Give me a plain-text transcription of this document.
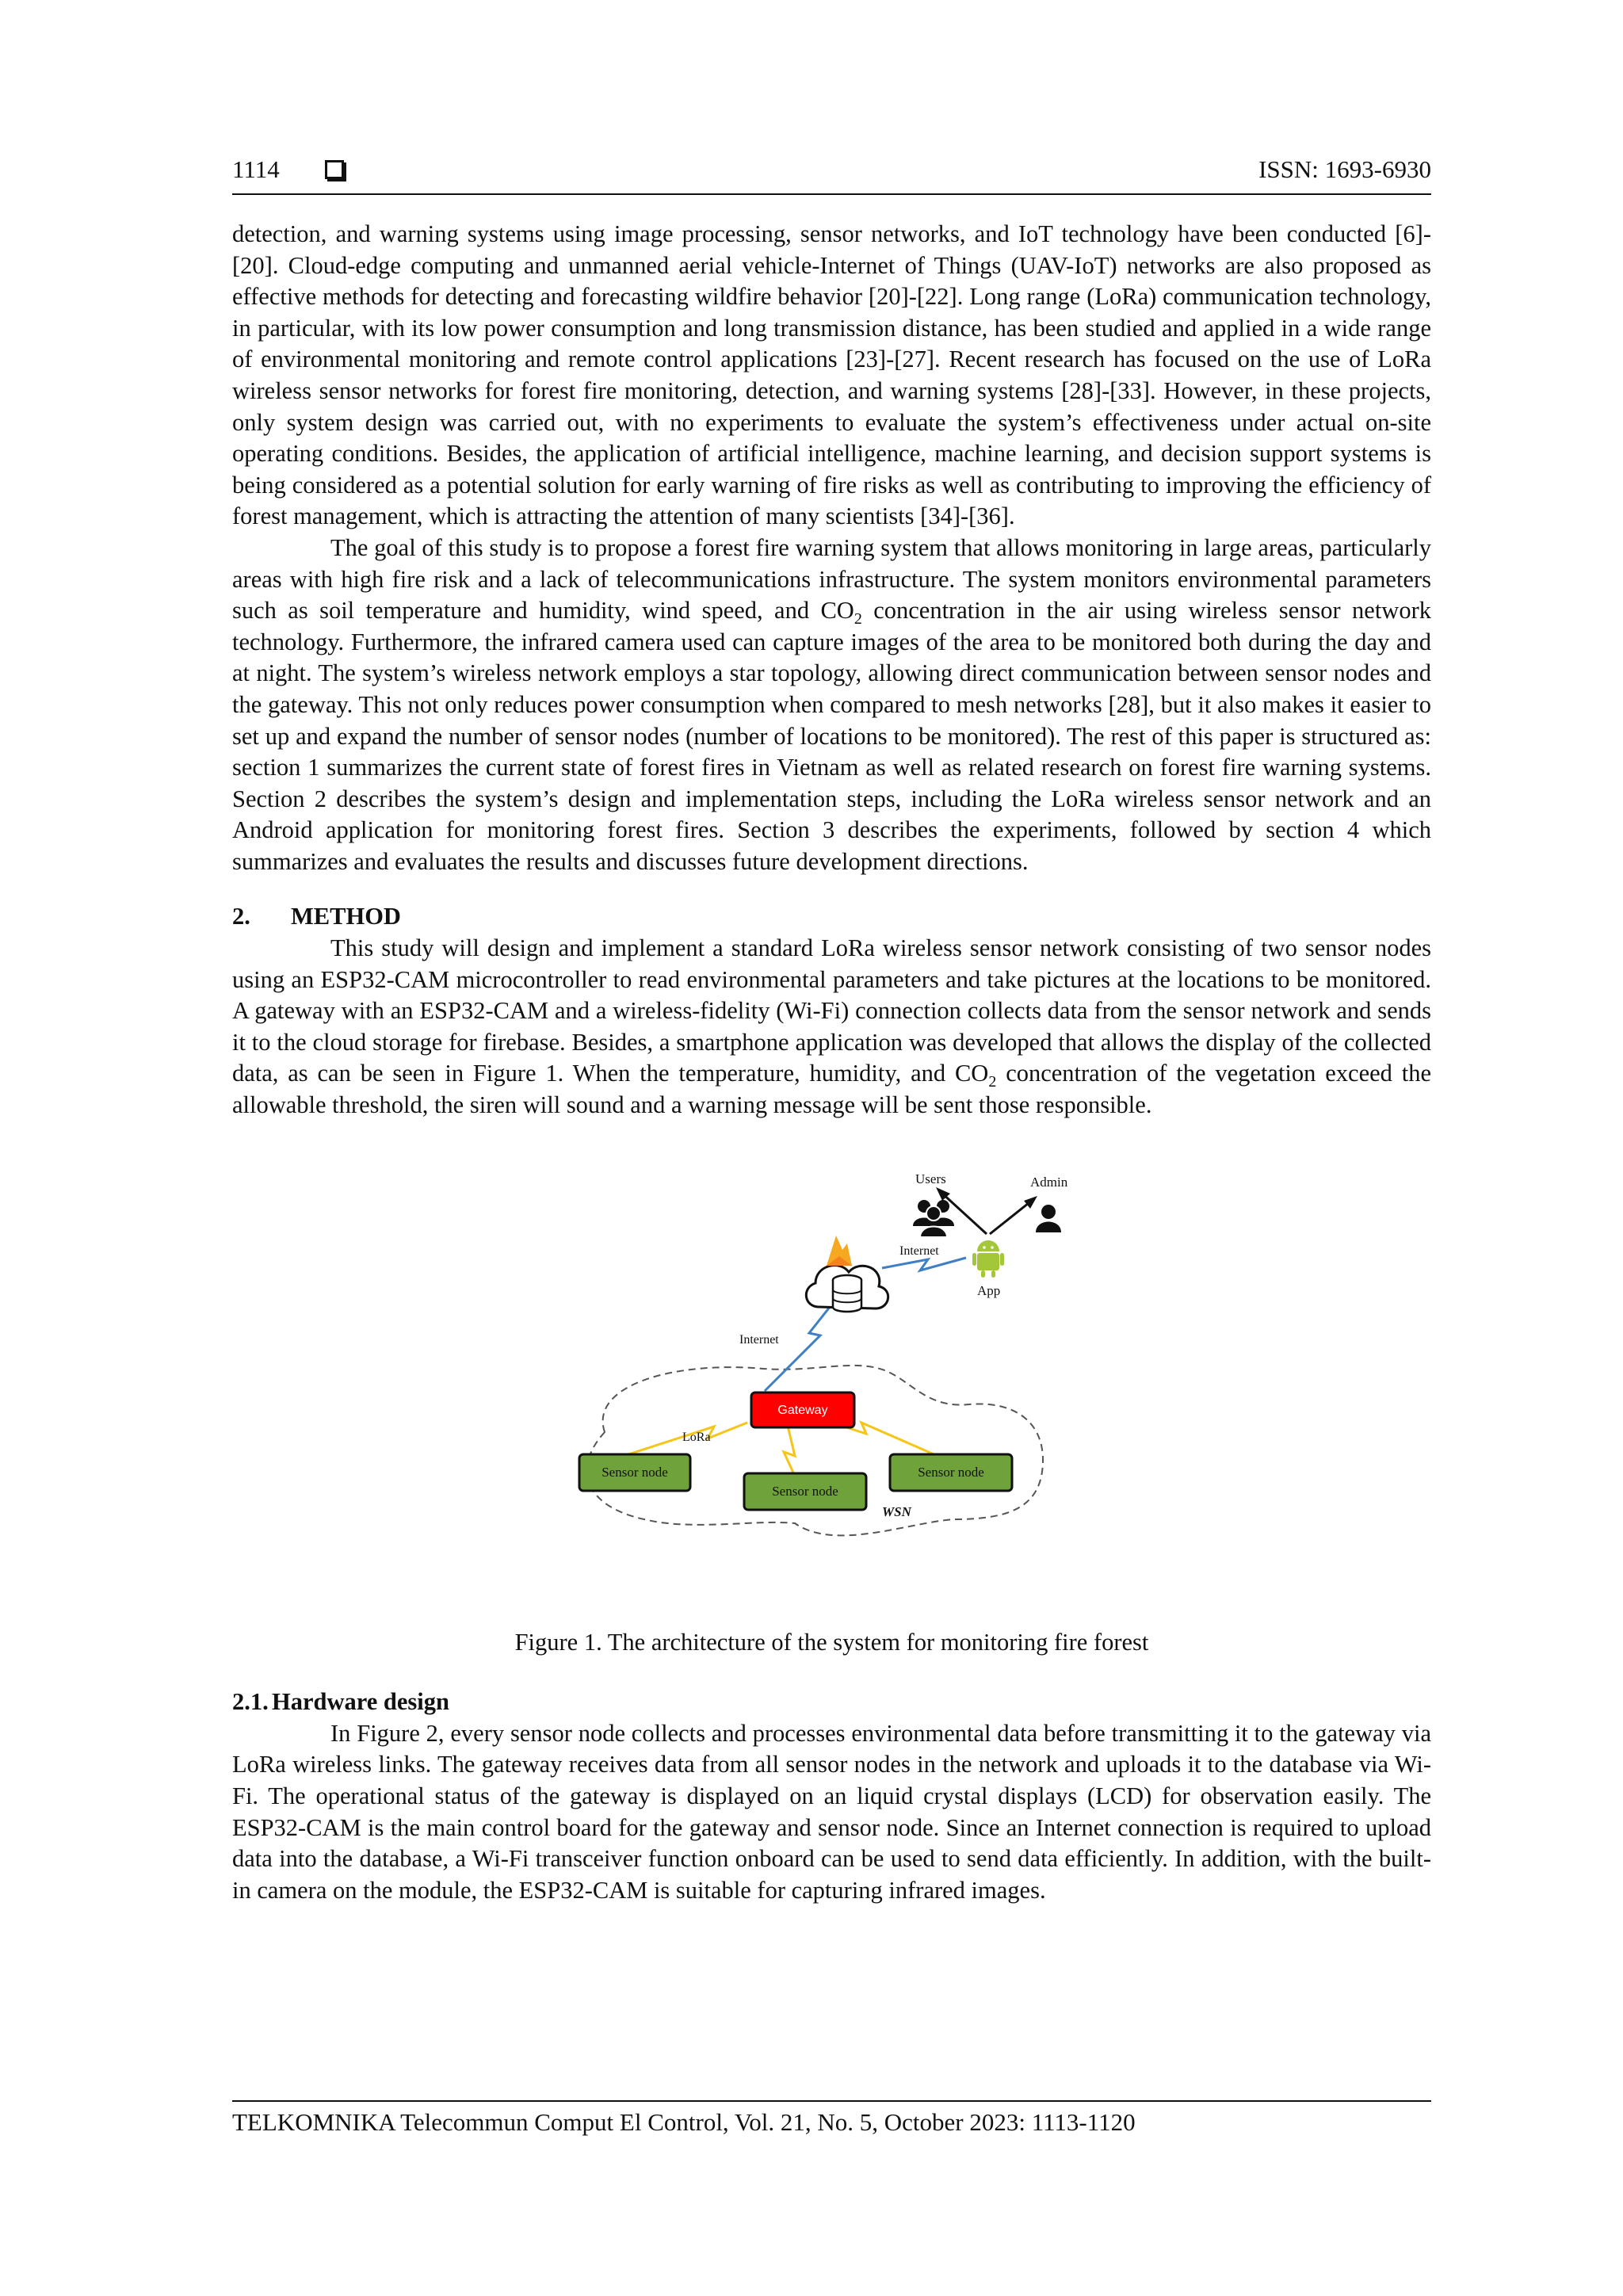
1114	ISSN: 1693-6930

detection, and warning systems using image processing, sensor networks, and IoT technology have been conducted [6]-[20]. Cloud-edge computing and unmanned aerial vehicle-Internet of Things (UAV-IoT) networks are also proposed as effective methods for detecting and forecasting wildfire behavior [20]-[22]. Long range (LoRa) communication technology, in particular, with its low power consumption and long transmission distance, has been studied and applied in a wide range of environmental monitoring and remote control applications [23]-[27]. Recent research has focused on the use of LoRa wireless sensor networks for forest fire monitoring, detection, and warning systems [28]-[33]. However, in these projects, only system design was carried out, with no experiments to evaluate the system’s effectiveness under actual on-site operating conditions. Besides, the application of artificial intelligence, machine learning, and decision support systems is being considered as a potential solution for early warning of fire risks as well as contributing to improving the efficiency of forest management, which is attracting the attention of many scientists [34]-[36].

The goal of this study is to propose a forest fire warning system that allows monitoring in large areas, particularly areas with high fire risk and a lack of telecommunications infrastructure. The system monitors environmental parameters such as soil temperature and humidity, wind speed, and $CO_2$ concentration in the air using wireless sensor network technology. Furthermore, the infrared camera used can capture images of the area to be monitored both during the day and at night. The system’s wireless network employs a star topology, allowing direct communication between sensor nodes and the gateway. This not only reduces power consumption when compared to mesh networks [28], but it also makes it easier to set up and expand the number of sensor nodes (number of locations to be monitored). The rest of this paper is structured as: section 1 summarizes the current state of forest fires in Vietnam as well as related research on forest fire warning systems. Section 2 describes the system’s design and implementation steps, including the LoRa wireless sensor network and an Android application for monitoring forest fires. Section 3 describes the experiments, followed by section 4 which summarizes and evaluates the results and discusses future development directions.

2. METHOD

This study will design and implement a standard LoRa wireless sensor network consisting of two sensor nodes using an ESP32-CAM microcontroller to read environmental parameters and take pictures at the locations to be monitored. A gateway with an ESP32-CAM and a wireless-fidelity (Wi-Fi) connection collects data from the sensor network and sends it to the cloud storage for firebase. Besides, a smartphone application was developed that allows the display of the collected data, as can be seen in Figure 1. When the temperature, humidity, and $CO_2$ concentration of the vegetation exceed the allowable threshold, the siren will sound and a warning message will be sent those responsible.

Users	Admin
Internet
App
Internet
Gateway
LoRa
Sensor node
Sensor node
Sensor node
WSN
Figure 1. The architecture of the system for monitoring fire forest
2.1. Hardware design

In Figure 2, every sensor node collects and processes environmental data before transmitting it to the gateway via LoRa wireless links. The gateway receives data from all sensor nodes in the network and uploads it to the database via Wi-Fi. The operational status of the gateway is displayed on an liquid crystal displays (LCD) for observation easily. The ESP32-CAM is the main control board for the gateway and sensor node. Since an Internet connection is required to upload data into the database, a Wi-Fi transceiver function onboard can be used to send data efficiently. In addition, with the built-in camera on the module, the ESP32-CAM is suitable for capturing infrared images.

TELKOMNIKA Telecommun Comput El Control, Vol. 21, No. 5, October 2023: 1113-1120
